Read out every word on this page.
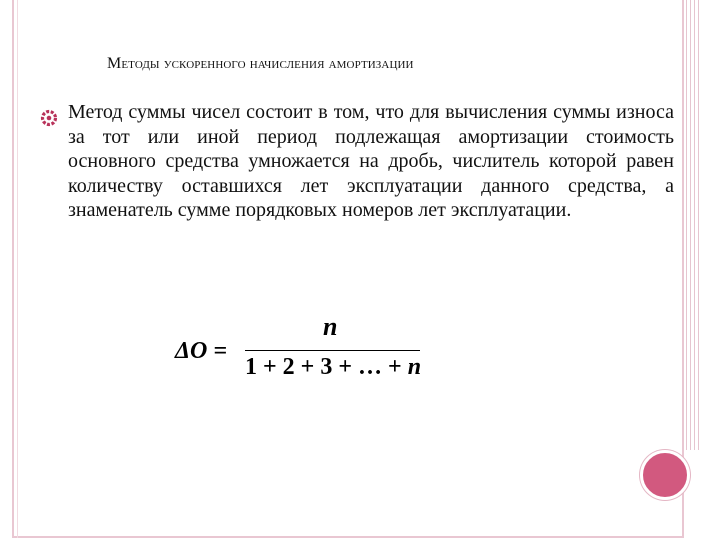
Методы ускоренного начисления амортизации
Метод суммы чисел состоит в том, что для вычисления суммы износа за тот или иной период подлежащая амортизации стоимость основного средства умножается на дробь, числитель которой равен количеству оставшихся лет эксплуатации данного средства, а знаменатель сумме порядковых номеров лет эксплуатации.
ΔО =
n
1 + 2 + 3 + … + n
